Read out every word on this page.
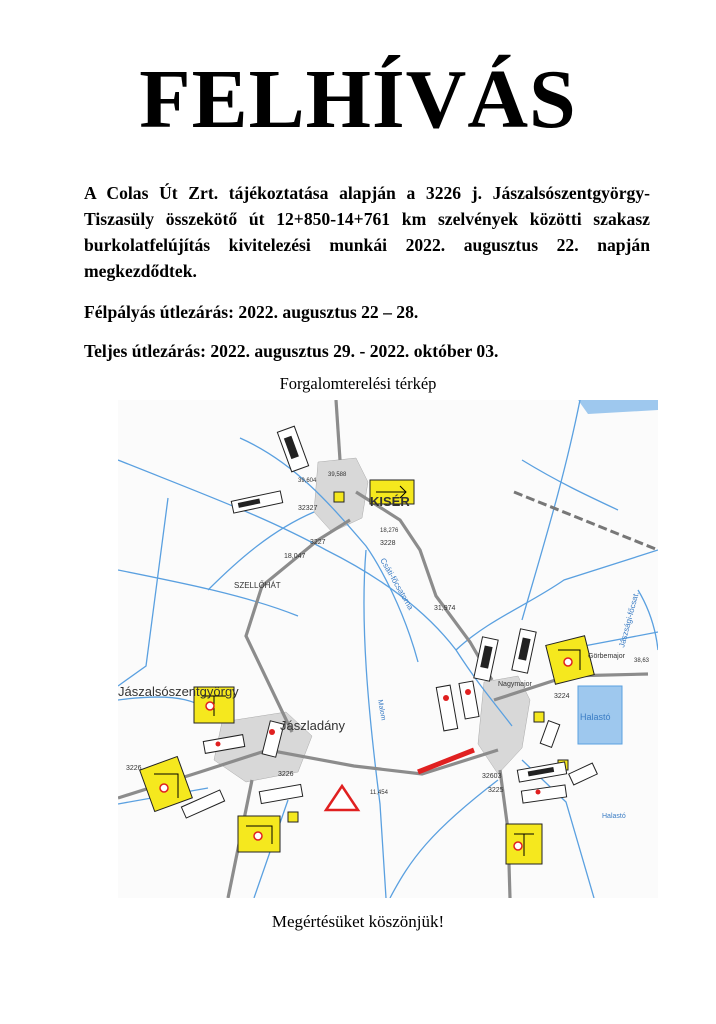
FELHÍVÁS
A Colas Út Zrt. tájékoztatása alapján a 3226 j. Jászalsószentgyörgy-Tiszasüly összekötő út 12+850-14+761 km szelvények közötti szakasz burkolatfelújítás kivitelezési munkái 2022. augusztus 22. napján megkezdődtek.
Félpályás útlezárás: 2022. augusztus 22 – 28.
Teljes útlezárás: 2022. augusztus 29. - 2022. október 03.
Forgalomterelési térkép
KISÉR
SZELLŐHÁT
Jászalsószentgyörgy
Jászladány
Csáti-főcsatorna
Jászsági-főcsat.
Halastó
Halastó
Nagymajor
Görbemajor
Malom
3227	3228
3226
3226
3224
3225
32603
32327
31,974
18,047
39,604
39,588
18,276
11,454
38,63
Megértésüket köszönjük!
